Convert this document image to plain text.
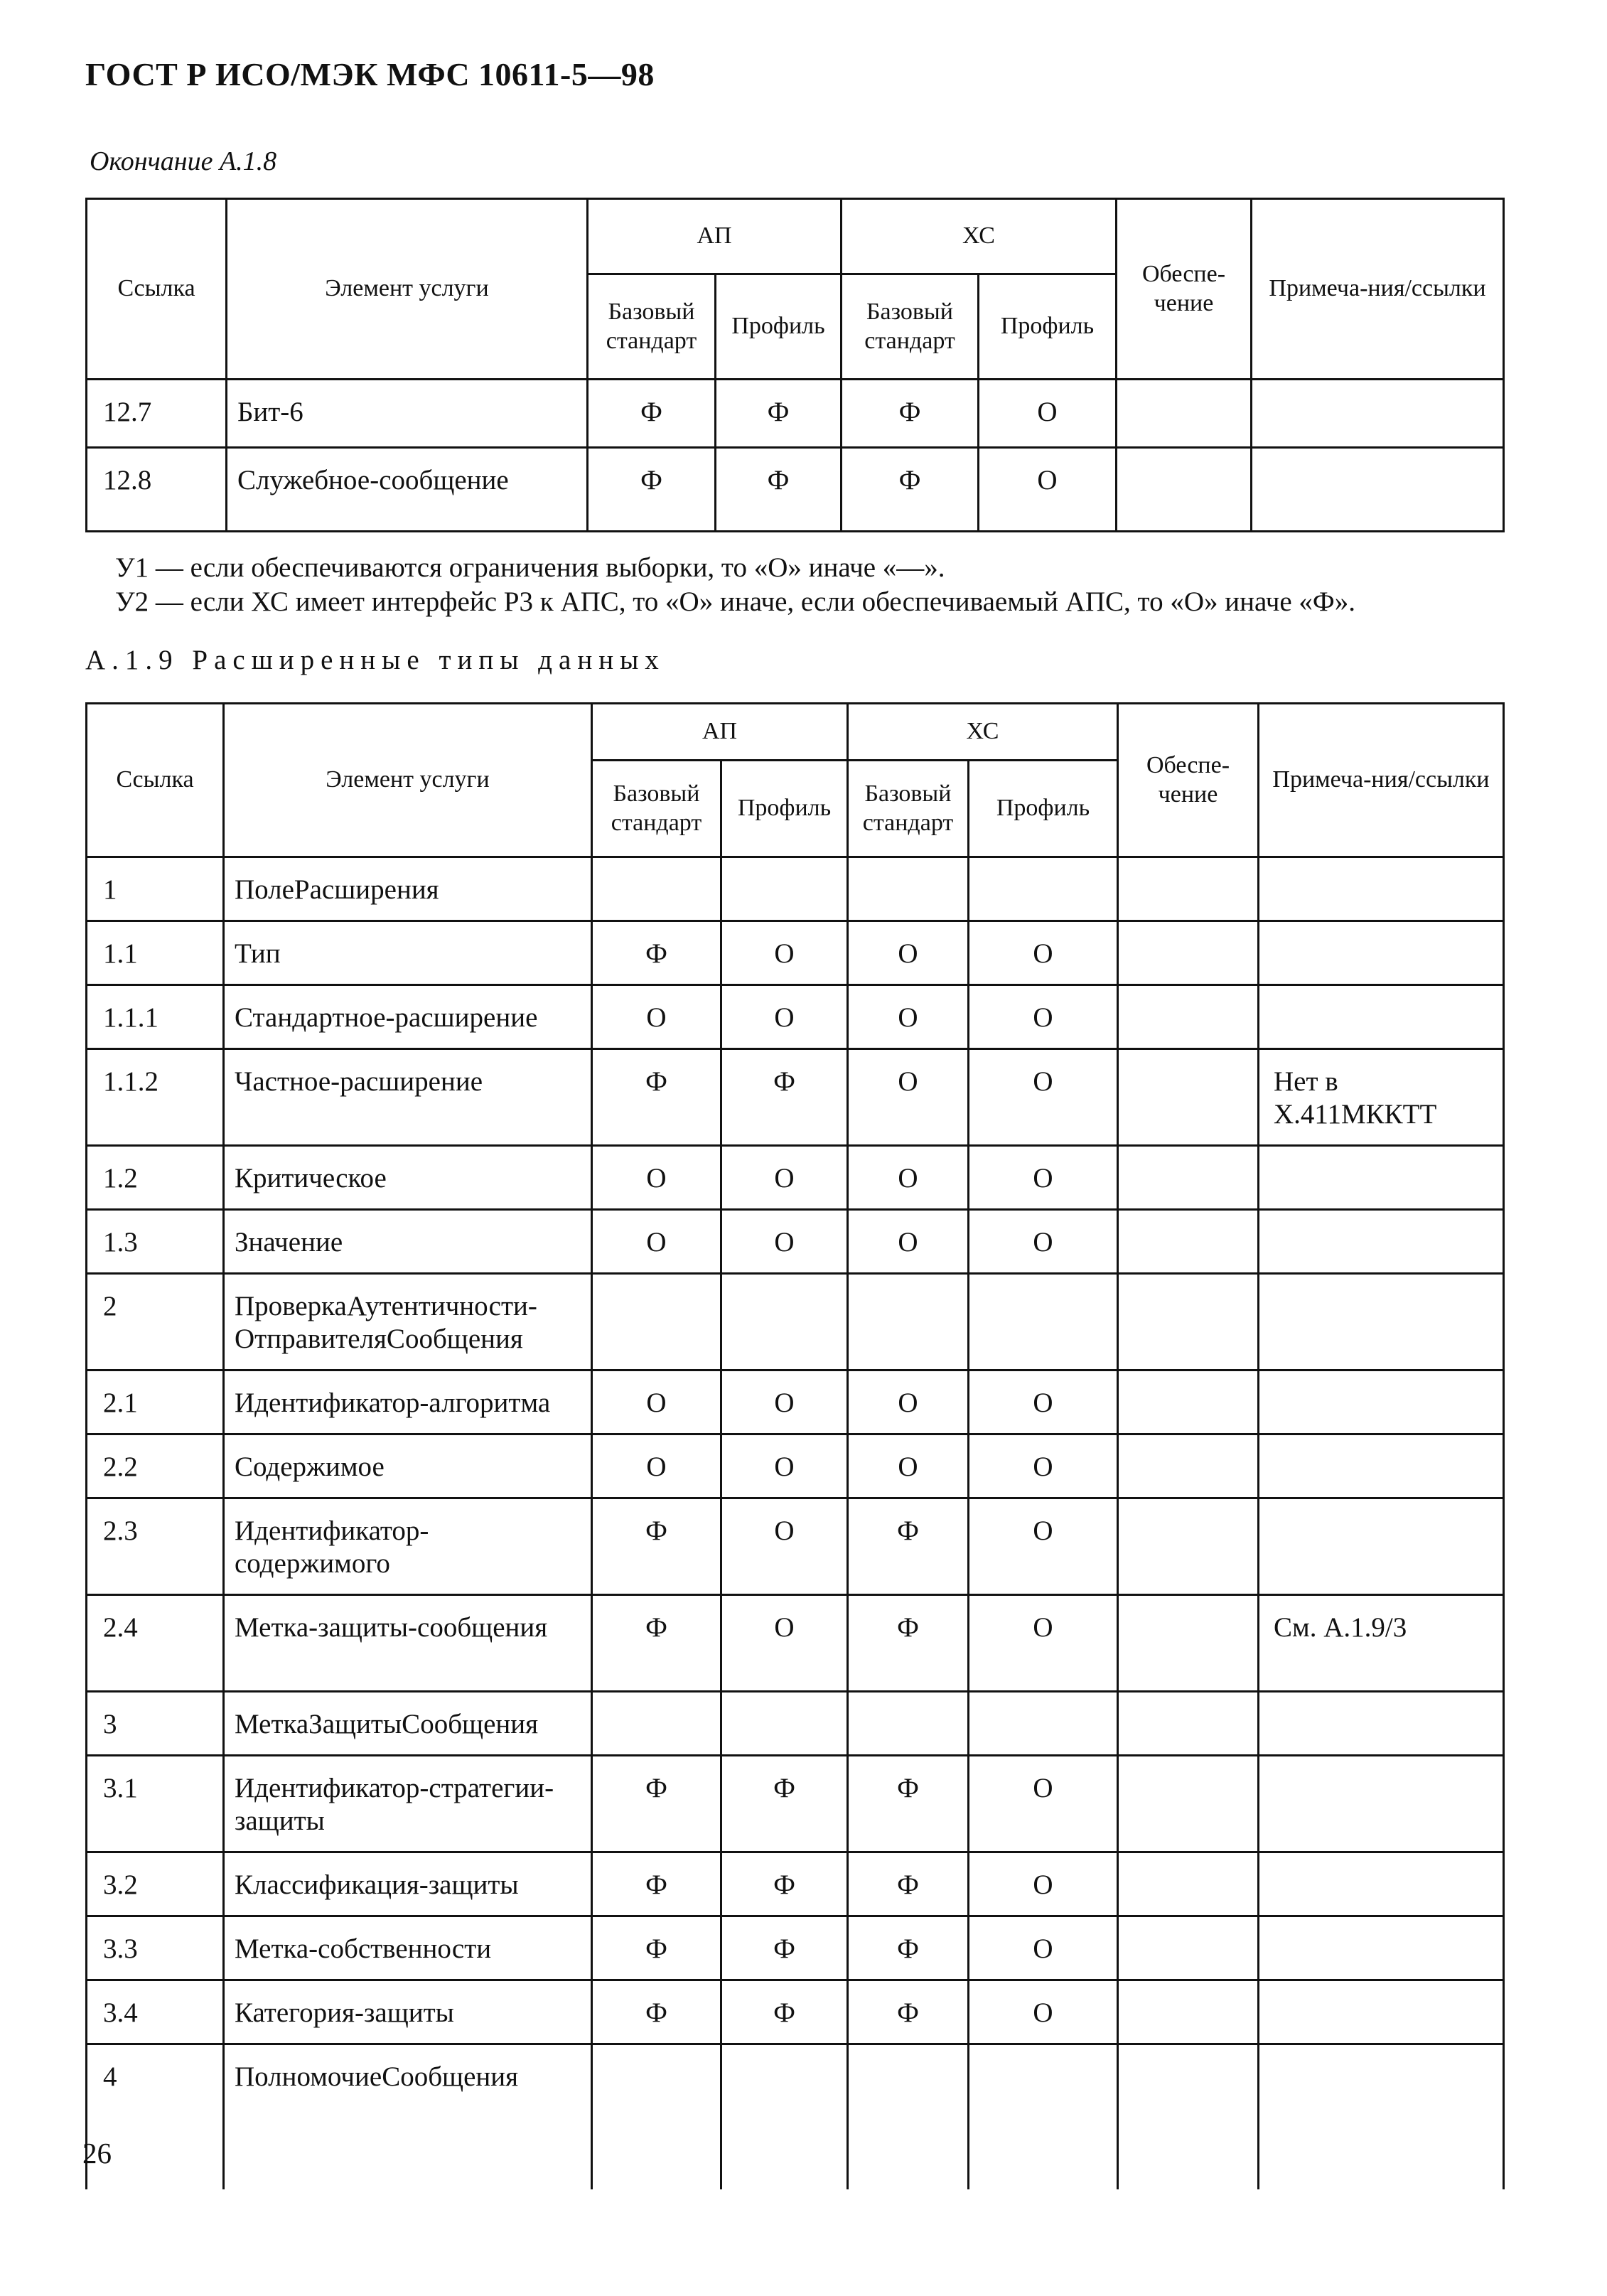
ГОСТ Р ИСО/МЭК МФС 10611-5—98
Окончание А.1.8
Ссылка	Элемент услуги	АП		ХС		Обеспе-чение	Примеча-ния/ссылки
		Базовый стандарт	Профиль	Базовый стандарт	Профиль		
12.7	Бит-6	Ф	Ф	Ф	О		
12.8	Служебное-сообщение	Ф	Ф	Ф	О		
У1 — если обеспечиваются ограничения выборки, то «О» иначе «—».
У2 — если ХС имеет интерфейс Р3 к АПС, то «О» иначе, если обеспечиваемый АПС, то «О» иначе «Ф».
А.1.9 Расширенные типы данных
Ссылка	Элемент услуги	АП		ХС		Обеспе-чение	Примеча-ния/ссылки
		Базовый стандарт	Профиль	Базовый стандарт	Профиль		
1	ПолеРасширения						
1.1	Тип	Ф	О	О	О		
1.1.1	Стандартное-расширение	О	О	О	О		
1.1.2	Частное-расширение	Ф	Ф	О	О		Нет в Х.411МККТТ
1.2	Критическое	О	О	О	О		
1.3	Значение	О	О	О	О		
2	ПроверкаАутентичности-ОтправителяСообщения						
2.1	Идентификатор-алгоритма	О	О	О	О		
2.2	Содержимое	О	О	О	О		
2.3	Идентификатор-содержимого	Ф	О	Ф	О		
2.4	Метка-защиты-сообщения	Ф	О	Ф	О		См. А.1.9/3
3	МеткаЗащитыСообщения						
3.1	Идентификатор-стратегии-защиты	Ф	Ф	Ф	О		
3.2	Классификация-защиты	Ф	Ф	Ф	О		
3.3	Метка-собственности	Ф	Ф	Ф	О		
3.4	Категория-защиты	Ф	Ф	Ф	О		
4	ПолномочиеСообщения						
26
